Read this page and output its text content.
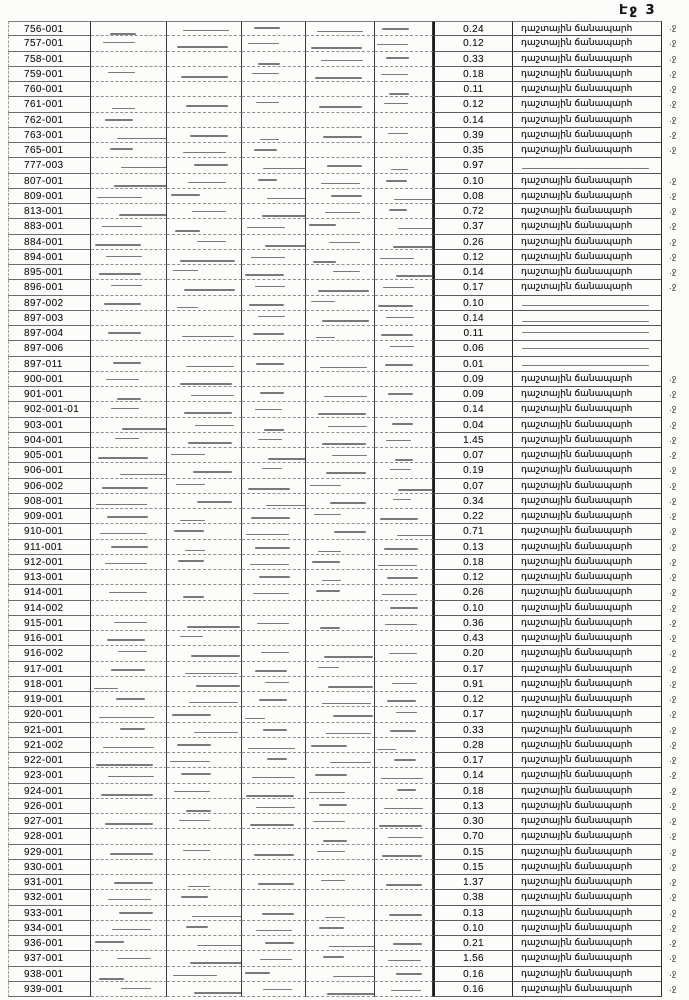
Էջ 3
756-001	0.24	դաշտային ճանապարհ	.ջ
757-001	0.12	դաշտային ճանապարհ	.ջ
758-001	0.33	դաշտային ճանապարհ	.ջ
759-001	0.18	դաշտային ճանապարհ	.ջ
760-001	0.11	դաշտային ճանապարհ	.ջ
761-001	0.12	դաշտային ճանապարհ	.ջ
762-001	0.14	դաշտային ճանապարհ	.ջ
763-001	0.39	դաշտային ճանապարհ	.ջ
765-001	0.35	դաշտային ճանապարհ	.ջ
777-003	0.97
807-001	0.10	դաշտային ճանապարհ	.ջ
809-001	0.08	դաշտային ճանապարհ	.ջ
813-001	0.72	դաշտային ճանապարհ	.ջ
883-001	0.37	դաշտային ճանապարհ	.ջ
884-001	0.26	դաշտային ճանապարհ	.ջ
894-001	0.12	դաշտային ճանապարհ	.ջ
895-001	0.14	դաշտային ճանապարհ	.ջ
896-001	0.17	դաշտային ճանապարհ	.ջ
897-002	0.10
897-003	0.14
897-004	0.11
897-006	0.06
897-011	0.01
900-001	0.09	դաշտային ճանապարհ	.ջ
901-001	0.09	դաշտային ճանապարհ	.ջ
902-001-01	0.14	դաշտային ճանապարհ	.ջ
903-001	0.04	դաշտային ճանապարհ	.ջ
904-001	1.45	դաշտային ճանապարհ	.ջ
905-001	0.07	դաշտային ճանապարհ	.ջ
906-001	0.19	դաշտային ճանապարհ	.ջ
906-002	0.07	դաշտային ճանապարհ	.ջ
908-001	0.34	դաշտային ճանապարհ	.ջ
909-001	0.22	դաշտային ճանապարհ	.ջ
910-001	0.71	դաշտային ճանապարհ	.ջ
911-001	0.13	դաշտային ճանապարհ	.ջ
912-001	0.18	դաշտային ճանապարհ	.ջ
913-001	0.12	դաշտային ճանապարհ	.ջ
914-001	0.26	դաշտային ճանապարհ	.ջ
914-002	0.10	դաշտային ճանապարհ	.ջ
915-001	0.36	դաշտային ճանապարհ	.ջ
916-001	0.43	դաշտային ճանապարհ	.ջ
916-002	0.20	դաշտային ճանապարհ	.ջ
917-001	0.17	դաշտային ճանապարհ	.ջ
918-001	0.91	դաշտային ճանապարհ	.ջ
919-001	0.12	դաշտային ճանապարհ	.ջ
920-001	0.17	դաշտային ճանապարհ	.ջ
921-001	0.33	դաշտային ճանապարհ	.ջ
921-002	0.28	դաշտային ճանապարհ	.ջ
922-001	0.17	դաշտային ճանապարհ	.ջ
923-001	0.14	դաշտային ճանապարհ	.ջ
924-001	0.18	դաշտային ճանապարհ	.ջ
926-001	0.13	դաշտային ճանապարհ	.ջ
927-001	0.30	դաշտային ճանապարհ	.ջ
928-001	0.70	դաշտային ճանապարհ	.ջ
929-001	0.15	դաշտային ճանապարհ	.ջ
930-001	0.15	դաշտային ճանապարհ	.ջ
931-001	1.37	դաշտային ճանապարհ	.ջ
932-001	0.38	դաշտային ճանապարհ	.ջ
933-001	0.13	դաշտային ճանապարհ	.ջ
934-001	0.10	դաշտային ճանապարհ	.ջ
936-001	0.21	դաշտային ճանապարհ	.ջ
937-001	1.56	դաշտային ճանապարհ	.ջ
938-001	0.16	դաշտային ճանապարհ	.ջ
939-001	0.16	դաշտային ճանապարհ	.ջ
